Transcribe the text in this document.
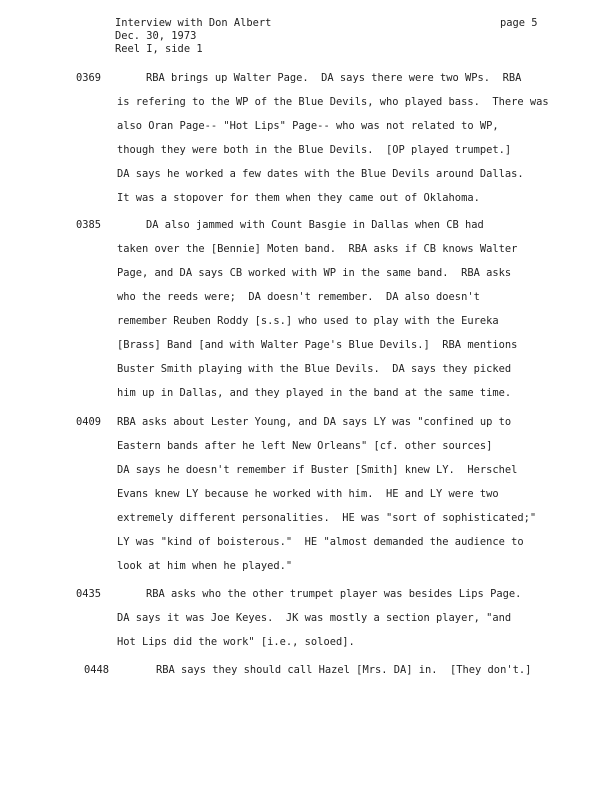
Interview with Don Albert
Dec. 30, 1973
Reel I, side 1
page 5
0369	RBA brings up Walter Page.  DA says there were two WPs.  RBA
is refering to the WP of the Blue Devils, who played bass.  There was
also Oran Page-- "Hot Lips" Page-- who was not related to WP,
though they were both in the Blue Devils.  [OP played trumpet.]
DA says he worked a few dates with the Blue Devils around Dallas.
It was a stopover for them when they came out of Oklahoma.
0385	DA also jammed with Count Basgie in Dallas when CB had
taken over the [Bennie] Moten band.  RBA asks if CB knows Walter
Page, and DA says CB worked with WP in the same band.  RBA asks
who the reeds were;  DA doesn't remember.  DA also doesn't
remember Reuben Roddy [s.s.] who used to play with the Eureka
[Brass] Band [and with Walter Page's Blue Devils.]  RBA mentions
Buster Smith playing with the Blue Devils.  DA says they picked
him up in Dallas, and they played in the band at the same time.
0409 RBA asks about Lester Young, and DA says LY was "confined up to
Eastern bands after he left New Orleans" [cf. other sources]
DA says he doesn't remember if Buster [Smith] knew LY.  Herschel
Evans knew LY because he worked with him.  HE and LY were two
extremely different personalities.  HE was "sort of sophisticated;"
LY was "kind of boisterous."  HE "almost demanded the audience to
look at him when he played."
0435	RBA asks who the other trumpet player was besides Lips Page.
DA says it was Joe Keyes.  JK was mostly a section player, "and
Hot Lips did the work" [i.e., soloed].
0448	RBA says they should call Hazel [Mrs. DA] in.  [They don't.]
